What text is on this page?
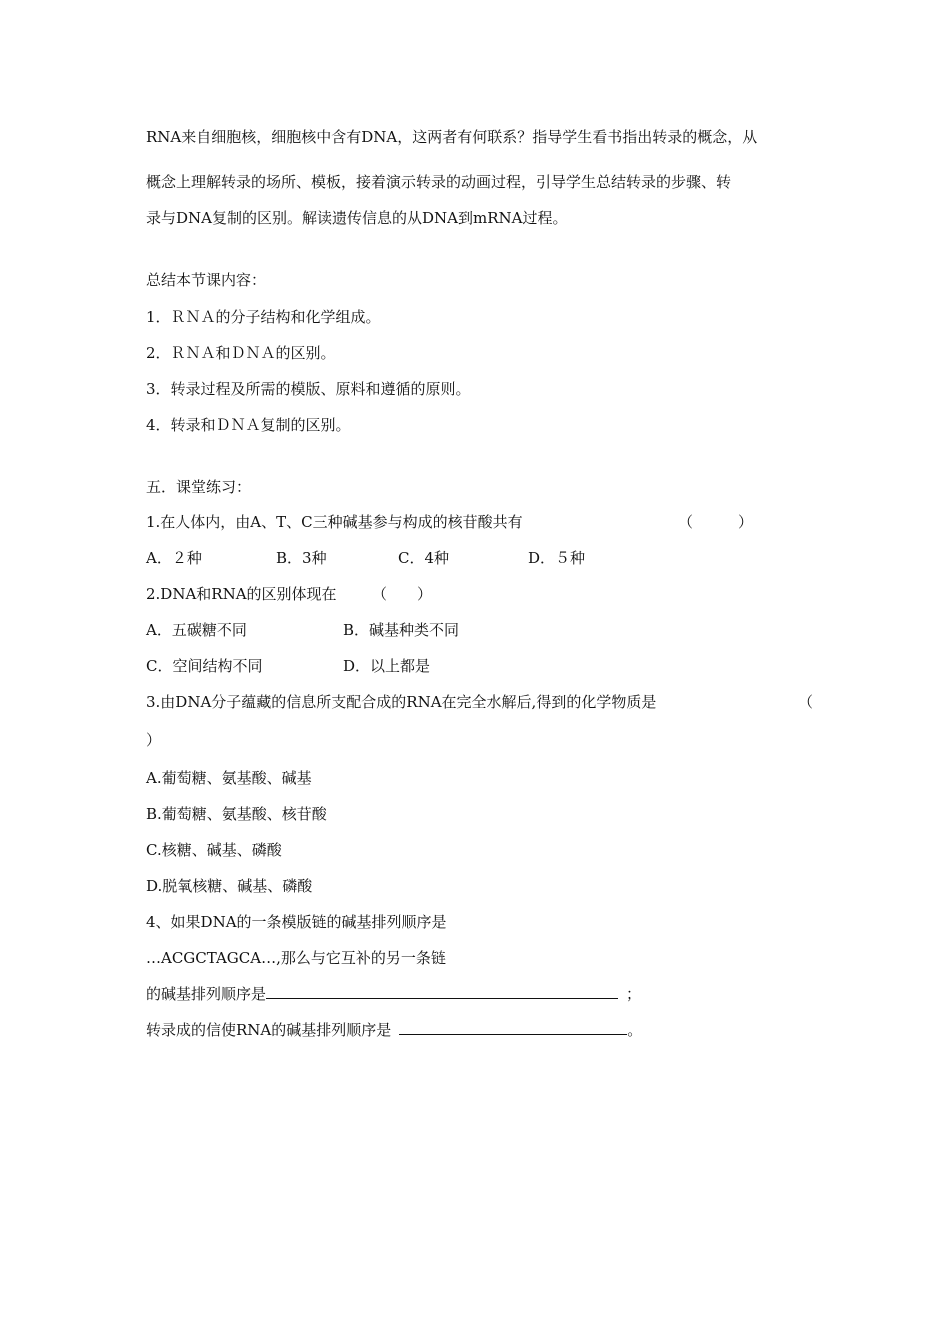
RNA来自细胞核，细胞核中含有DNA，这两者有何联系？指导学生看书指出转录的概念，从
概念上理解转录的场所、模板，接着演示转录的动画过程，引导学生总结转录的步骤、转
录与DNA复制的区别。解读遗传信息的从DNA到mRNA过程。
总结本节课内容：
1．ＲＮＡ的分子结构和化学组成。
2．ＲＮＡ和ＤＮＡ的区别。
3．转录过程及所需的模版、原料和遵循的原则。
4．转录和ＤＮＡ复制的区别。
五．课堂练习：
1.在人体内，由A、T、C三种碱基参与构成的核苷酸共有	（　　　）
A．２种	B．3种	C．4种	D．５种
2.DNA和RNA的区别体现在 （　　）
A．五碳糖不同	B．碱基种类不同
C．空间结构不同	D．以上都是
3.由DNA分子蕴藏的信息所支配合成的RNA在完全水解后,得到的化学物质是	（
）
A.葡萄糖、氨基酸、碱基
B.葡萄糖、氨基酸、核苷酸
C.核糖、碱基、磷酸
D.脱氧核糖、碱基、磷酸
4、如果DNA的一条模版链的碱基排列顺序是
…ACGCTAGCA…,那么与它互补的另一条链
的碱基排列顺序是	；
转录成的信使RNA的碱基排列顺序是	。
